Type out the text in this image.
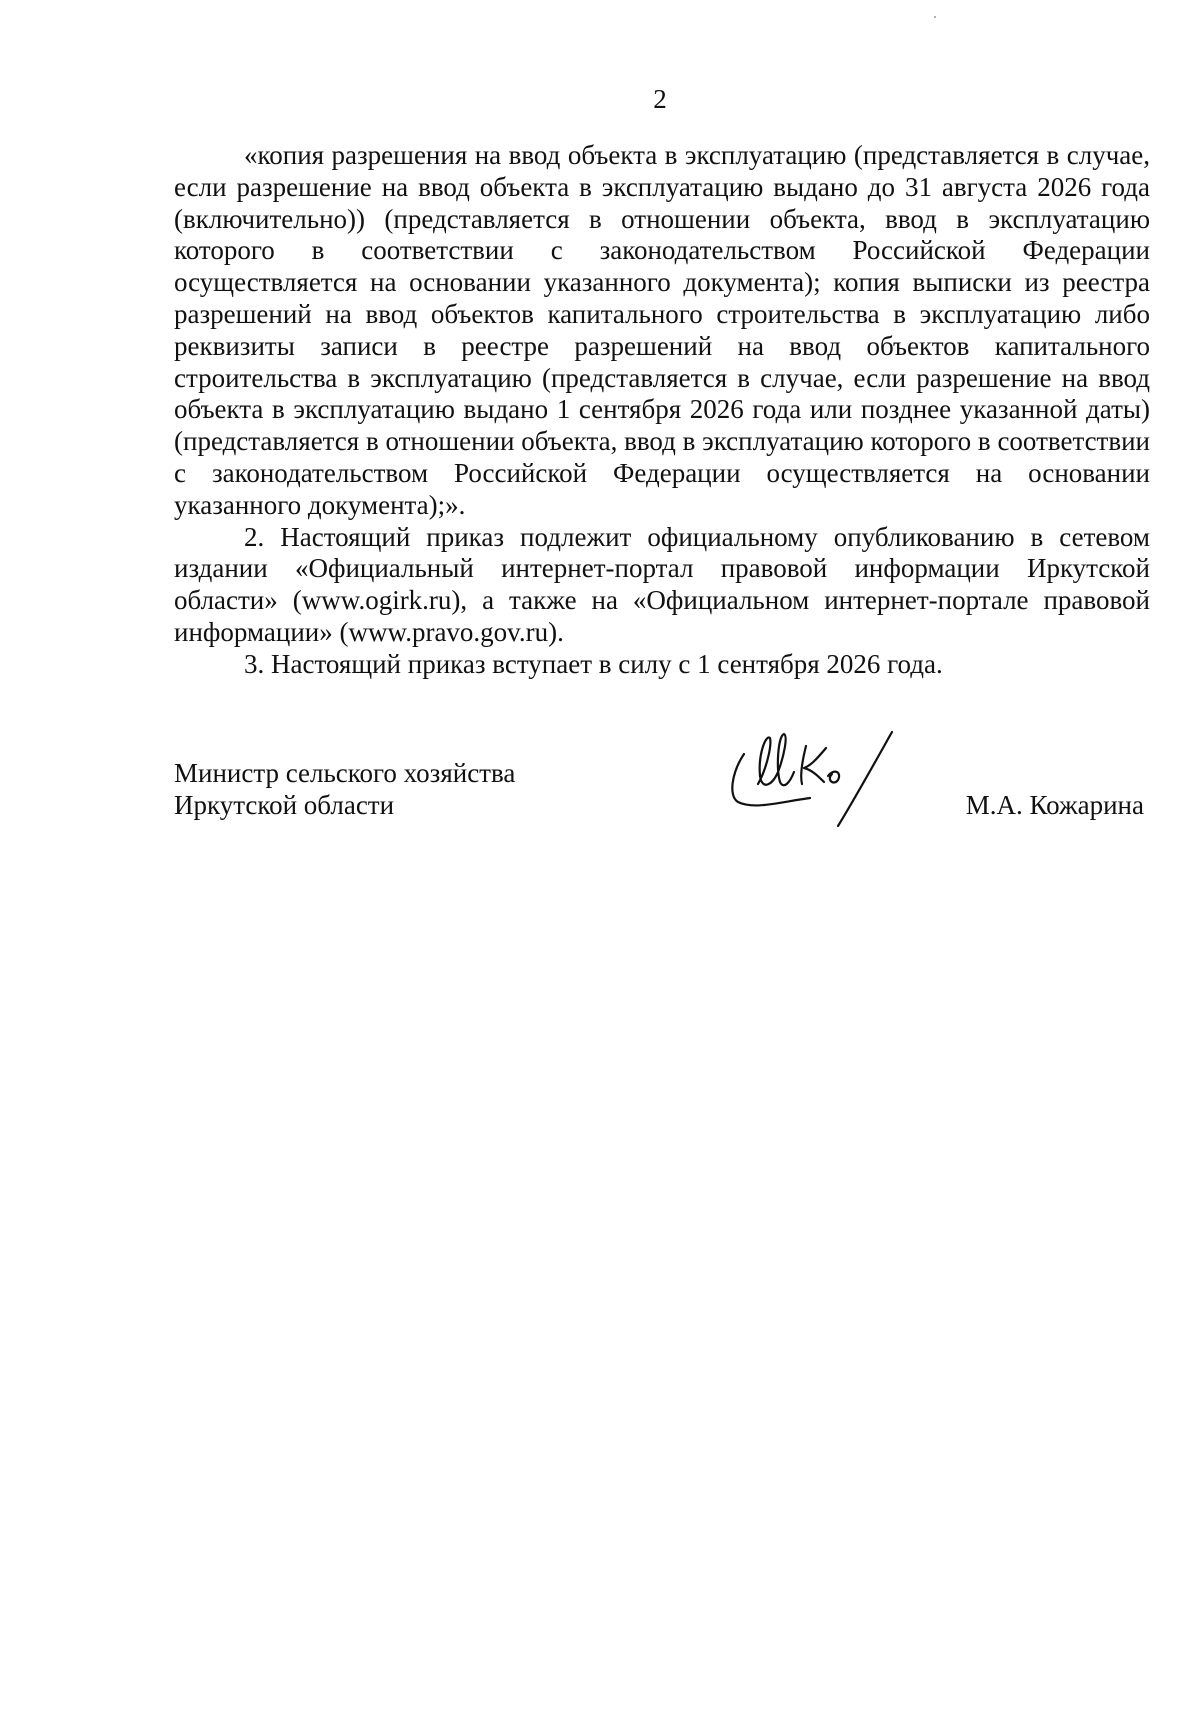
2

«копия разрешения на ввод объекта в эксплуатацию (представляется в случае, если разрешение на ввод объекта в эксплуатацию выдано до 31 августа 2026 года (включительно)) (представляется в отношении объекта, ввод в эксплуатацию которого в соответствии с законодательством Российской Федерации осуществляется на основании указанного документа); копия выписки из реестра разрешений на ввод объектов капитального строительства в эксплуатацию либо реквизиты записи в реестре разрешений на ввод объектов капитального строительства в эксплуатацию (представляется в случае, если разрешение на ввод объекта в эксплуатацию выдано 1 сентября 2026 года или позднее указанной даты) (представляется в отношении объекта, ввод в эксплуатацию которого в соответствии с законодательством Российской Федерации осуществляется на основании указанного документа);».

2. Настоящий приказ подлежит официальному опубликованию в сетевом издании «Официальный интернет-портал правовой информации Иркутской области» (www.ogirk.ru), а также на «Официальном интернет-портале правовой информации» (www.pravo.gov.ru).

3. Настоящий приказ вступает в силу с 1 сентября 2026 года.

Министр сельского хозяйства
Иркутской области	М.А. Кожарина
